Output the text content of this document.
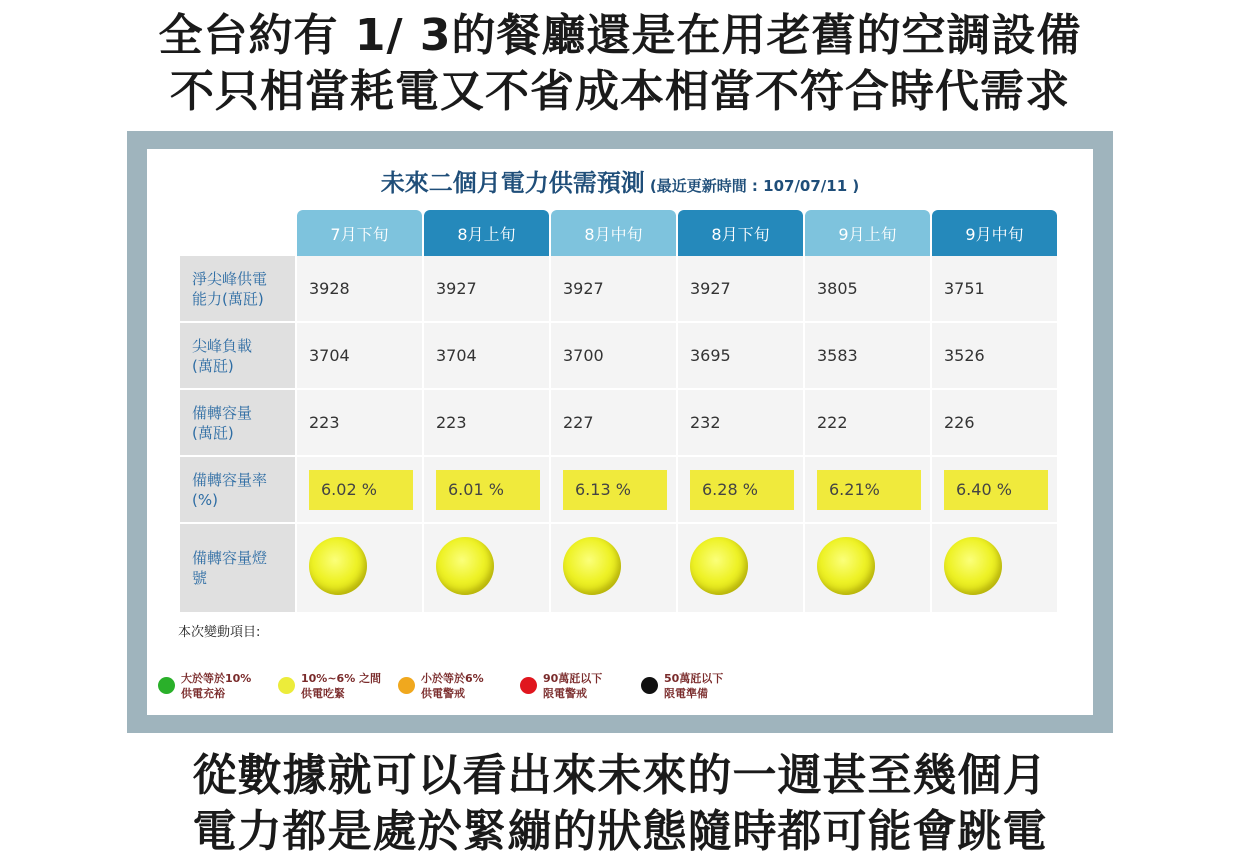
全台約有 1/ 3的餐廳還是在用老舊的空調設備
不只相當耗電又不省成本相當不符合時代需求
未來二個月電力供需預測 (最近更新時間 : 107/07/11 )
	7月下旬	8月上旬	8月中旬	8月下旬	9月上旬	9月中旬

淨尖峰供電
能力(萬瓩)	3928	3927	3927	3927	3805	3751

尖峰負載
(萬瓩)	3704	3704	3700	3695	3583	3526

備轉容量
(萬瓩)	223	223	227	232	222	226

備轉容量率
(%)	6.02 %	6.01 %	6.13 %	6.28 %	6.21%	6.40 %

備轉容量燈
號						

本次變動項目:
大於等於10%
供電充裕
10%~6% 之間
供電吃緊
小於等於6%
供電警戒
90萬瓩以下
限電警戒
50萬瓩以下
限電準備
從數據就可以看出來未來的一週甚至幾個月
電力都是處於緊繃的狀態隨時都可能會跳電
